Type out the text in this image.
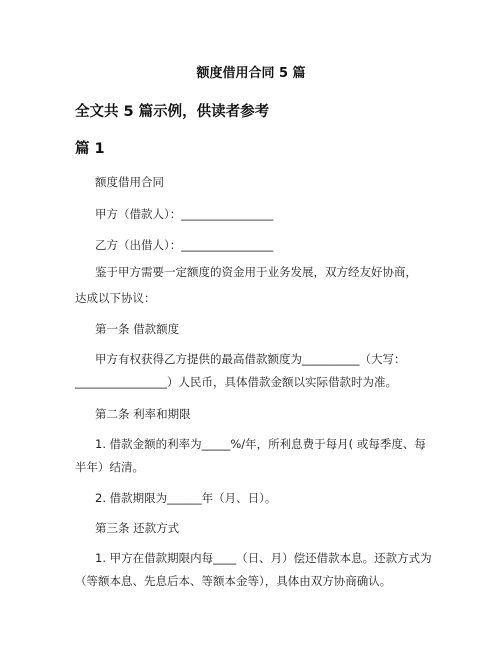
额度借用合同 5 篇
全文共 5 篇示例，供读者参考
篇 1
额度借用合同
甲方（借款人）：________________
乙方（出借人）：________________
鉴于甲方需要一定额度的资金用于业务发展，双方经友好协商，
达成以下协议：
第一条 借款额度
甲方有权获得乙方提供的最高借款额度为__________（大写：
________________）人民币，具体借款金额以实际借款时为准。
第二条 利率和期限
1. 借款金额的利率为_____%/年，所利息费于每月( 或每季度、每
半年）结清。
2. 借款期限为______年（月、日）。
第三条 还款方式
1. 甲方在借款期限内每____（日、月）偿还借款本息。还款方式为
（等额本息、先息后本、等额本金等），具体由双方协商确认。
